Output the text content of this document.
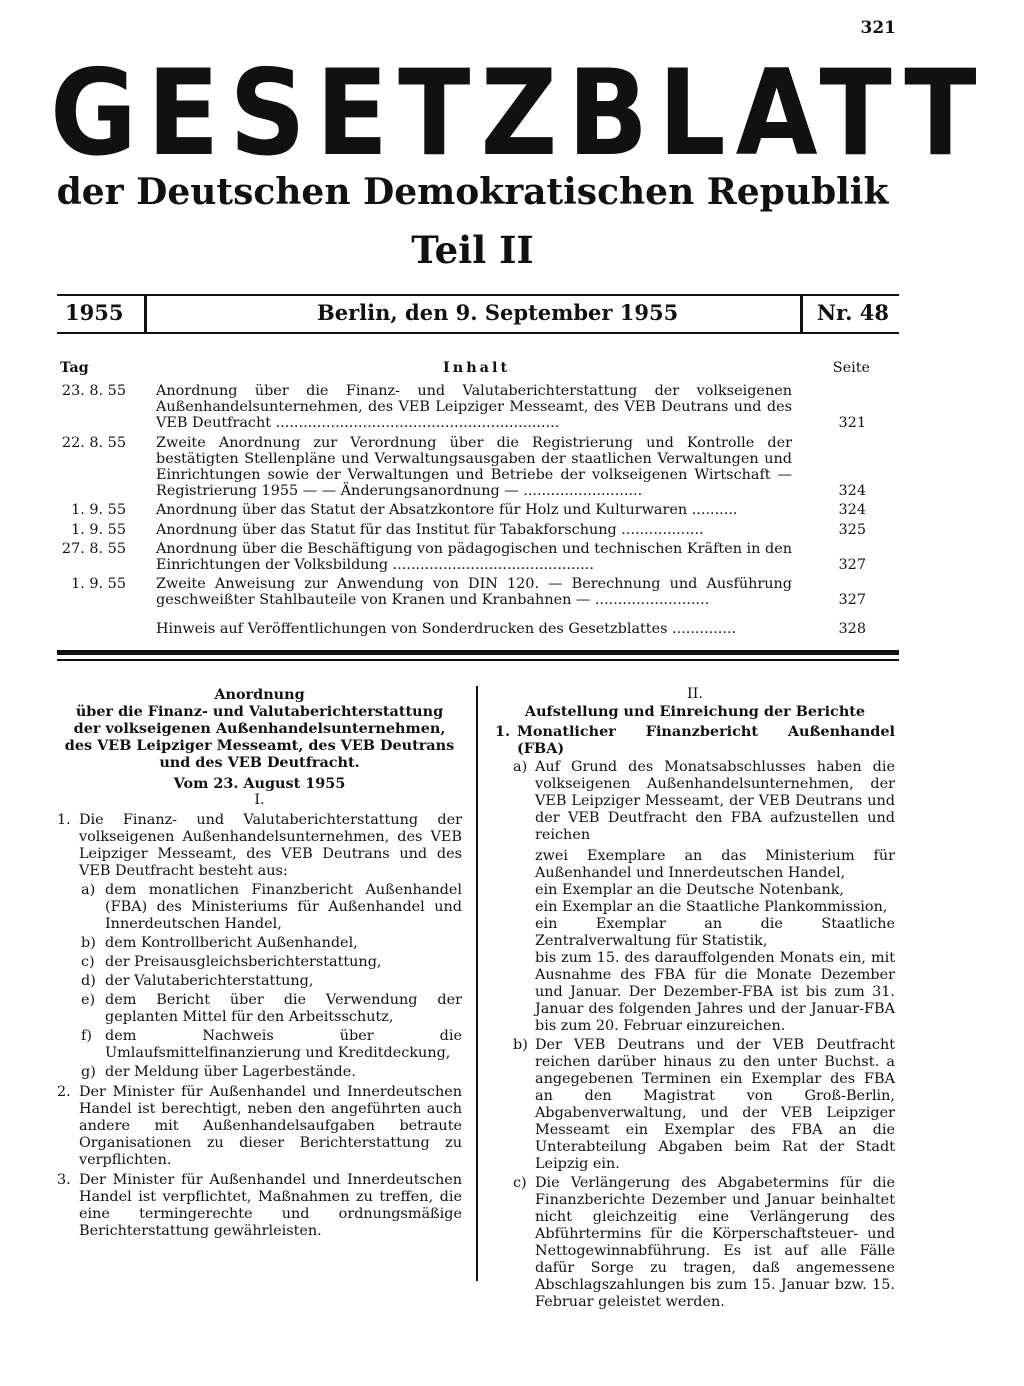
321
GESETZBLATT
der Deutschen Demokratischen Republik
Teil II
1955	Berlin, den 9. September 1955	Nr. 48
Tag	Inhalt	Seite
23. 8. 55 Anordnung über die Finanz- und Valutaberichterstattung der volkseigenen Außenhandelsunternehmen, des VEB Leipziger Messeamt, des VEB Deutrans und des VEB Deutfracht ..............................................................	321
22. 8. 55 Zweite Anordnung zur Verordnung über die Registrierung und Kontrolle der bestätigten Stellenpläne und Verwaltungsausgaben der staatlichen Verwaltungen und Einrichtungen sowie der Verwaltungen und Betriebe der volkseigenen Wirtschaft — Registrierung 1955 — — Änderungsanordnung — ..........................	324
1. 9. 55 Anordnung über das Statut der Absatzkontore für Holz und Kulturwaren ..........	324
1. 9. 55 Anordnung über das Statut für das Institut für Tabakforschung ..................	325
27. 8. 55 Anordnung über die Beschäftigung von pädagogischen und technischen Kräften in den Einrichtungen der Volksbildung ............................................	327
1. 9. 55 Zweite Anweisung zur Anwendung von DIN 120. — Berechnung und Ausführung geschweißter Stahlbauteile von Kranen und Kranbahnen — .........................	327
Hinweis auf Veröffentlichungen von Sonderdrucken des Gesetzblattes ..............	328
Anordnung
über die Finanz- und Valutaberichterstattung
der volkseigenen Außenhandelsunternehmen,
des VEB Leipziger Messeamt, des VEB Deutrans
und des VEB Deutfracht.
Vom 23. August 1955
I.
1. Die Finanz- und Valutaberichterstattung der volkseigenen Außenhandelsunternehmen, des VEB Leipziger Messeamt, des VEB Deutrans und des VEB Deutfracht besteht aus:
a) dem monatlichen Finanzbericht Außenhandel (FBA) des Ministeriums für Außenhandel und Innerdeutschen Handel,
b) dem Kontrollbericht Außenhandel,
c) der Preisausgleichsberichterstattung,
d) der Valutaberichterstattung,
e) dem Bericht über die Verwendung der geplanten Mittel für den Arbeitsschutz,
f) dem Nachweis über die Umlaufsmittelfinanzierung und Kreditdeckung,
g) der Meldung über Lagerbestände.
2. Der Minister für Außenhandel und Innerdeutschen Handel ist berechtigt, neben den angeführten auch andere mit Außenhandelsaufgaben betraute Organisationen zu dieser Berichterstattung zu verpflichten.
3. Der Minister für Außenhandel und Innerdeutschen Handel ist verpflichtet, Maßnahmen zu treffen, die eine termingerechte und ordnungsmäßige Berichterstattung gewährleisten.
II.
Aufstellung und Einreichung der Berichte
1. Monatlicher Finanzbericht Außenhandel (FBA)
a) Auf Grund des Monatsabschlusses haben die volkseigenen Außenhandelsunternehmen, der VEB Leipziger Messeamt, der VEB Deutrans und der VEB Deutfracht den FBA aufzustellen und reichen
zwei Exemplare an das Ministerium für Außenhandel und Innerdeutschen Handel,
ein Exemplar an die Deutsche Notenbank,
ein Exemplar an die Staatliche Plankommission,
ein Exemplar an die Staatliche Zentralverwaltung für Statistik,
bis zum 15. des darauffolgenden Monats ein, mit Ausnahme des FBA für die Monate Dezember und Januar. Der Dezember-FBA ist bis zum 31. Januar des folgenden Jahres und der Januar-FBA bis zum 20. Februar einzureichen.
b) Der VEB Deutrans und der VEB Deutfracht reichen darüber hinaus zu den unter Buchst. a angegebenen Terminen ein Exemplar des FBA an den Magistrat von Groß-Berlin, Abgabenverwaltung, und der VEB Leipziger Messeamt ein Exemplar des FBA an die Unterabteilung Abgaben beim Rat der Stadt Leipzig ein.
c) Die Verlängerung des Abgabetermins für die Finanzberichte Dezember und Januar beinhaltet nicht gleichzeitig eine Verlängerung des Abführtermins für die Körperschaftsteuer- und Nettogewinnabführung. Es ist auf alle Fälle dafür Sorge zu tragen, daß angemessene Abschlagszahlungen bis zum 15. Januar bzw. 15. Februar geleistet werden.
